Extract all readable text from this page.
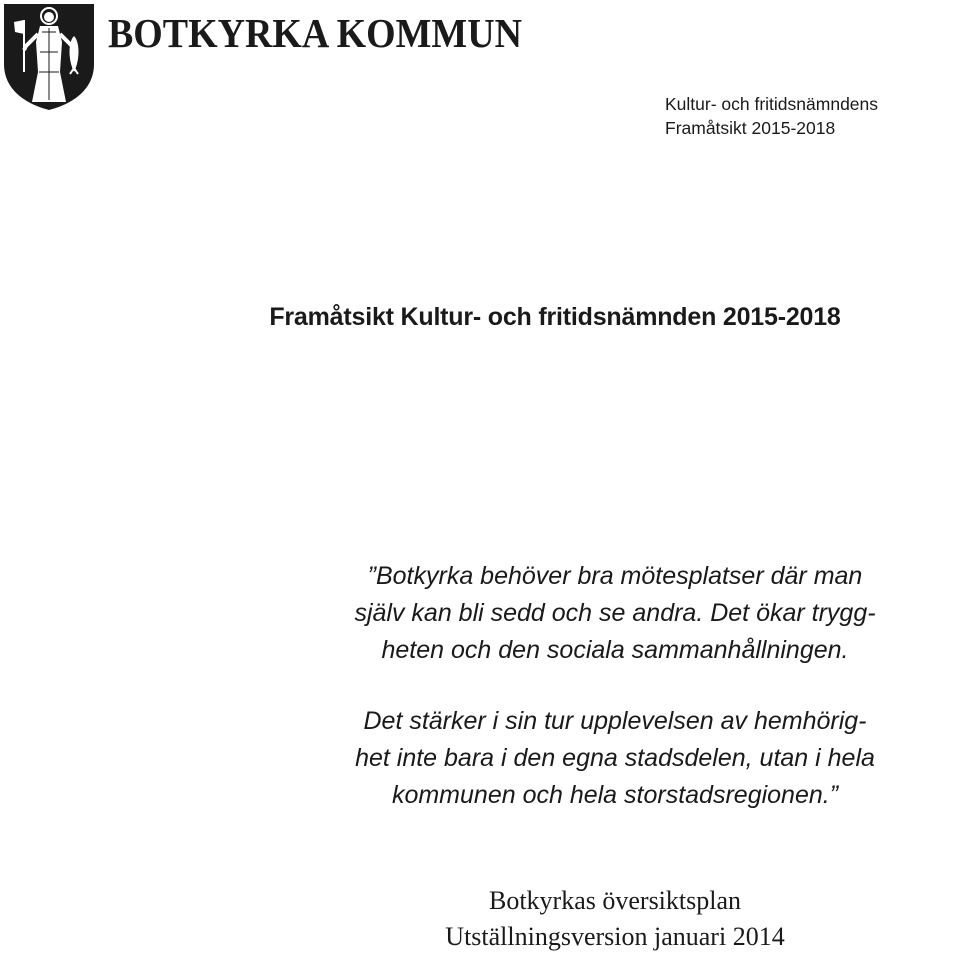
BOTKYRKA KOMMUN
Kultur- och fritidsnämndens
Framåtsikt 2015-2018
Framåtsikt Kultur- och fritidsnämnden 2015-2018
”Botkyrka behöver bra mötesplatser där man
själv kan bli sedd och se andra. Det ökar trygg-
heten och den sociala sammanhållningen.
Det stärker i sin tur upplevelsen av hemhörig-
het inte bara i den egna stadsdelen, utan i hela
kommunen och hela storstadsregionen.”
Botkyrkas översiktsplan
Utställningsversion januari 2014
